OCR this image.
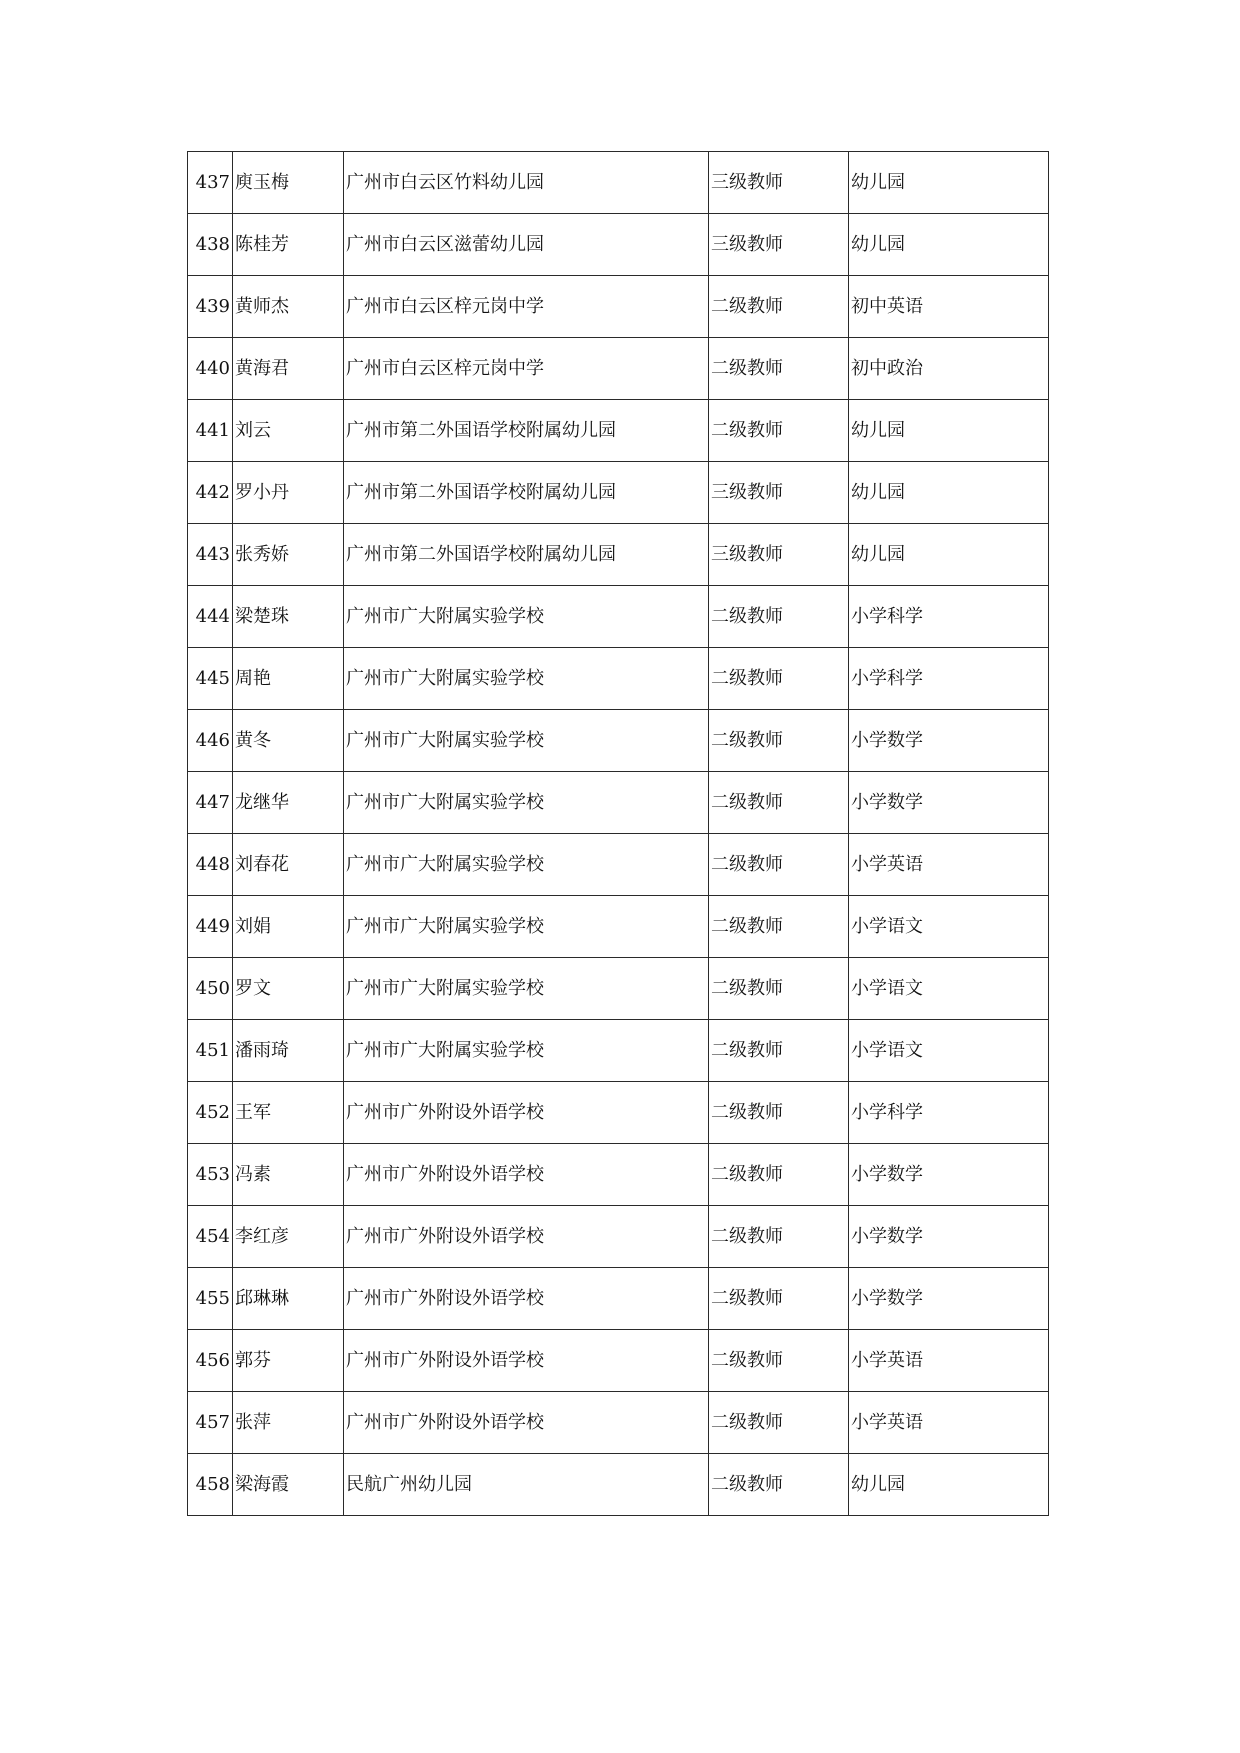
437	庾玉梅	广州市白云区竹料幼儿园	三级教师	幼儿园
438	陈桂芳	广州市白云区滋蕾幼儿园	三级教师	幼儿园
439	黄师杰	广州市白云区梓元岗中学	二级教师	初中英语
440	黄海君	广州市白云区梓元岗中学	二级教师	初中政治
441	刘云	广州市第二外国语学校附属幼儿园	二级教师	幼儿园
442	罗小丹	广州市第二外国语学校附属幼儿园	三级教师	幼儿园
443	张秀娇	广州市第二外国语学校附属幼儿园	三级教师	幼儿园
444	梁楚珠	广州市广大附属实验学校	二级教师	小学科学
445	周艳	广州市广大附属实验学校	二级教师	小学科学
446	黄冬	广州市广大附属实验学校	二级教师	小学数学
447	龙继华	广州市广大附属实验学校	二级教师	小学数学
448	刘春花	广州市广大附属实验学校	二级教师	小学英语
449	刘娟	广州市广大附属实验学校	二级教师	小学语文
450	罗文	广州市广大附属实验学校	二级教师	小学语文
451	潘雨琦	广州市广大附属实验学校	二级教师	小学语文
452	王军	广州市广外附设外语学校	二级教师	小学科学
453	冯素	广州市广外附设外语学校	二级教师	小学数学
454	李红彦	广州市广外附设外语学校	二级教师	小学数学
455	邱琳琳	广州市广外附设外语学校	二级教师	小学数学
456	郭芬	广州市广外附设外语学校	二级教师	小学英语
457	张萍	广州市广外附设外语学校	二级教师	小学英语
458	梁海霞	民航广州幼儿园	二级教师	幼儿园
